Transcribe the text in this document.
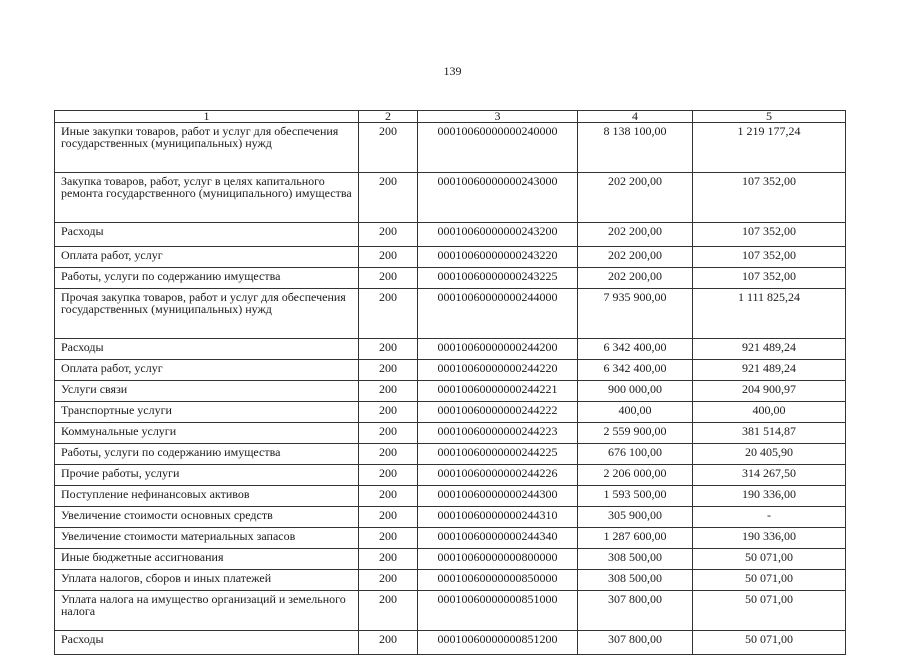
139
1	2	3	4	5
Иные закупки товаров, работ и услуг для обеспечения государственных (муниципальных) нужд	200	00010060000000240000	8 138 100,00	1 219 177,24
Закупка товаров, работ, услуг в целях капитального ремонта государственного (муниципального) имущества	200	00010060000000243000	202 200,00	107 352,00
Расходы	200	00010060000000243200	202 200,00	107 352,00
Оплата работ, услуг	200	00010060000000243220	202 200,00	107 352,00
Работы, услуги по содержанию имущества	200	00010060000000243225	202 200,00	107 352,00
Прочая закупка товаров, работ и услуг для обеспечения государственных (муниципальных) нужд	200	00010060000000244000	7 935 900,00	1 111 825,24
Расходы	200	00010060000000244200	6 342 400,00	921 489,24
Оплата работ, услуг	200	00010060000000244220	6 342 400,00	921 489,24
Услуги связи	200	00010060000000244221	900 000,00	204 900,97
Транспортные услуги	200	00010060000000244222	400,00	400,00
Коммунальные услуги	200	00010060000000244223	2 559 900,00	381 514,87
Работы, услуги по содержанию имущества	200	00010060000000244225	676 100,00	20 405,90
Прочие работы, услуги	200	00010060000000244226	2 206 000,00	314 267,50
Поступление нефинансовых активов	200	00010060000000244300	1 593 500,00	190 336,00
Увеличение стоимости основных средств	200	00010060000000244310	305 900,00	-
Увеличение стоимости материальных запасов	200	00010060000000244340	1 287 600,00	190 336,00
Иные бюджетные ассигнования	200	00010060000000800000	308 500,00	50 071,00
Уплата налогов, сборов и иных платежей	200	00010060000000850000	308 500,00	50 071,00
Уплата налога на имущество организаций и земельного налога	200	00010060000000851000	307 800,00	50 071,00
Расходы	200	00010060000000851200	307 800,00	50 071,00
